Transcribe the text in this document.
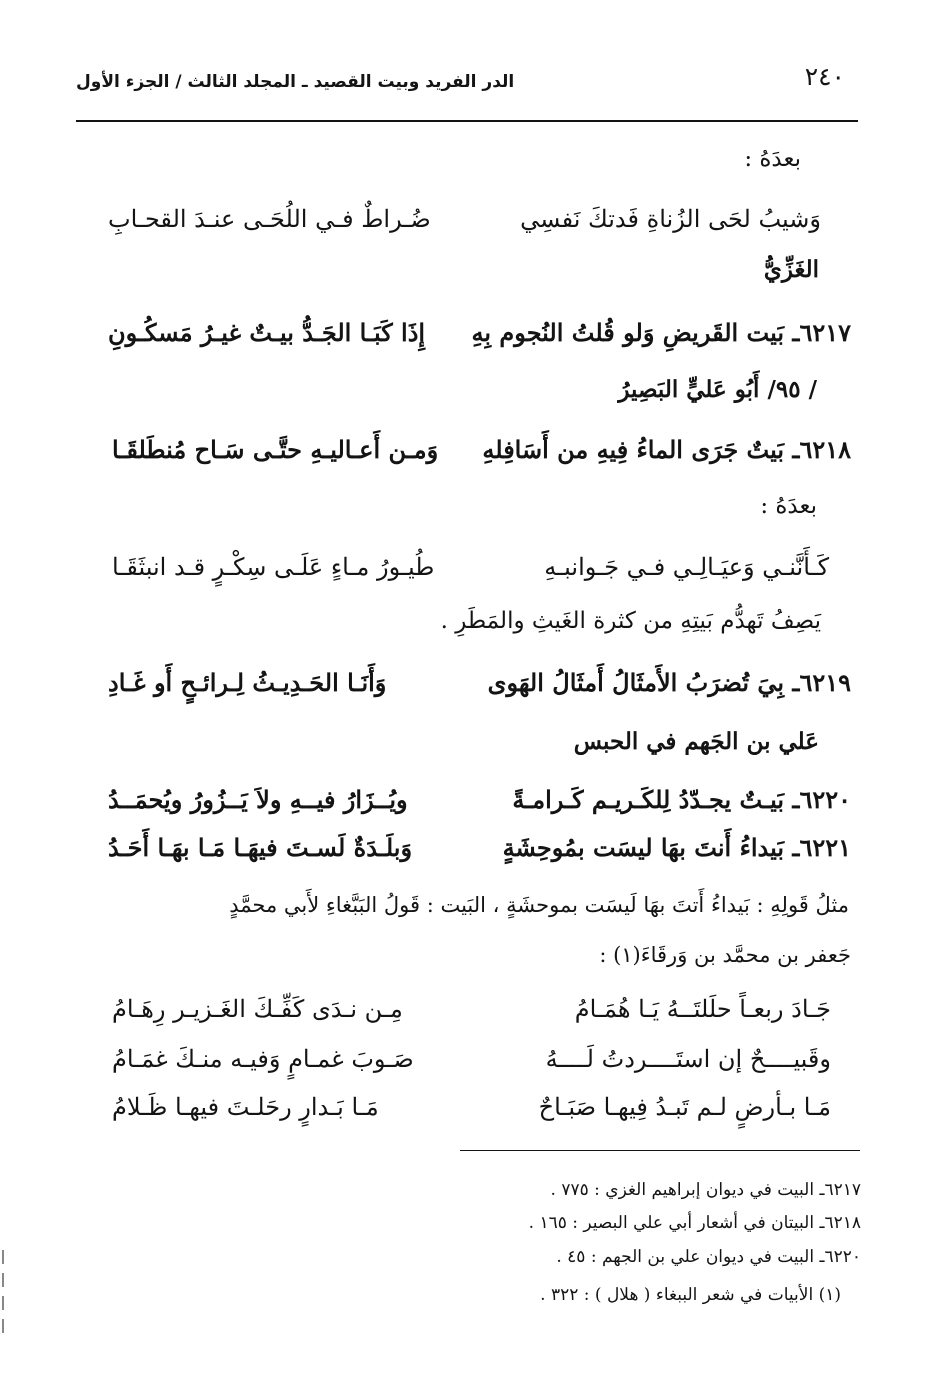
٢٤٠
الدر الفريد وبيت القصيد ـ المجلد الثالث / الجزء الأول
بعدَهُ :
وَشيبُ لحَى الزُناةِ فَدتكَ نَفسِي
ضُـراطٌ فـي اللُحَـى عنـدَ القحـابِ
الغَزِّيُّ
٦٢١٧ـ بَيت القَريضِ وَلو قُلتُ النُجوم بِهِ
إِذَا كَبَـا الجَـدُّ بيـتٌ غيـرُ مَسكُـونِ
/ ٩٥/ أَبُو عَليٍّ البَصِيرُ
٦٢١٨ـ بَيتٌ جَرَى الماءُ فِيهِ من أَسَافِلهِ
وَمـن أَعـاليـهِ حتَّـى سَـاح مُنطَلقَـا
بعدَهُ :
كَـأَنَّنـي وَعيَـالِـي فـي جَـوانبـهِ
طُيـورُ مـاءٍ عَلَـى سِكْـرٍ قـد انبثَقَـا
يَصِفُ تَهدُّم بَيتِهِ من كثرة الغَيثِ والمَطَرِ .
٦٢١٩ـ بِيَ تُضرَبُ الأَمثَالُ أَمثَالُ الهَوى
وَأَنَـا الحَـدِيـثُ لِـرائـحٍ أَو غَـادِ
عَلي بن الجَهم في الحبس
٦٢٢٠ـ بَيـتٌ يجـدّدُ لِلكَـريـم كَـرامـةً
ويُــزَارُ فيــهِ ولاَ يَــزُورُ ويُحمَــدُ
٦٢٢١ـ بَيداءُ أَنتَ بهَا ليسَت بمُوحِشَةٍ
وَبلَـدَةٌ لَسـتَ فيهَـا مَـا بهَـا أَحَـدُ
مثلُ قَولِهِ : بَيداءُ أَتتَ بهَا لَيسَت بموحشَةٍ ، البَيت : قَولُ البَبَّغاءِ لأَبي محمَّدٍ
جَعفر بن محمَّد بن وَرقَاءَ(١) :
جَـادَ ربعـاً حلَلتَــهُ يَـا هُمَـامُ
مِـن نـدَى كَفِّـكَ الغَـزيـر رِهَـامُ
وقَبيــــحٌ إن استَــــردتُ لَــــهُ
صَـوبَ غمـامٍ وَفيـه منـكَ غمَـامُ
مَـا بـأرضٍ لـم تَبـدُ فِيهـا صَبَـاحٌ
مَـا بَـدارٍ رحَلـتَ فيهـا ظَـلامُ
٦٢١٧ـ البيت في ديوان إبراهيم الغزي : ٧٧٥ .
٦٢١٨ـ البيتان في أشعار أبي علي البصير : ١٦٥ .
٦٢٢٠ـ البيت في ديوان علي بن الجهم : ٤٥ .
(١) الأبيات في شعر الببغاء ( هلال ) : ٣٢٢ .
